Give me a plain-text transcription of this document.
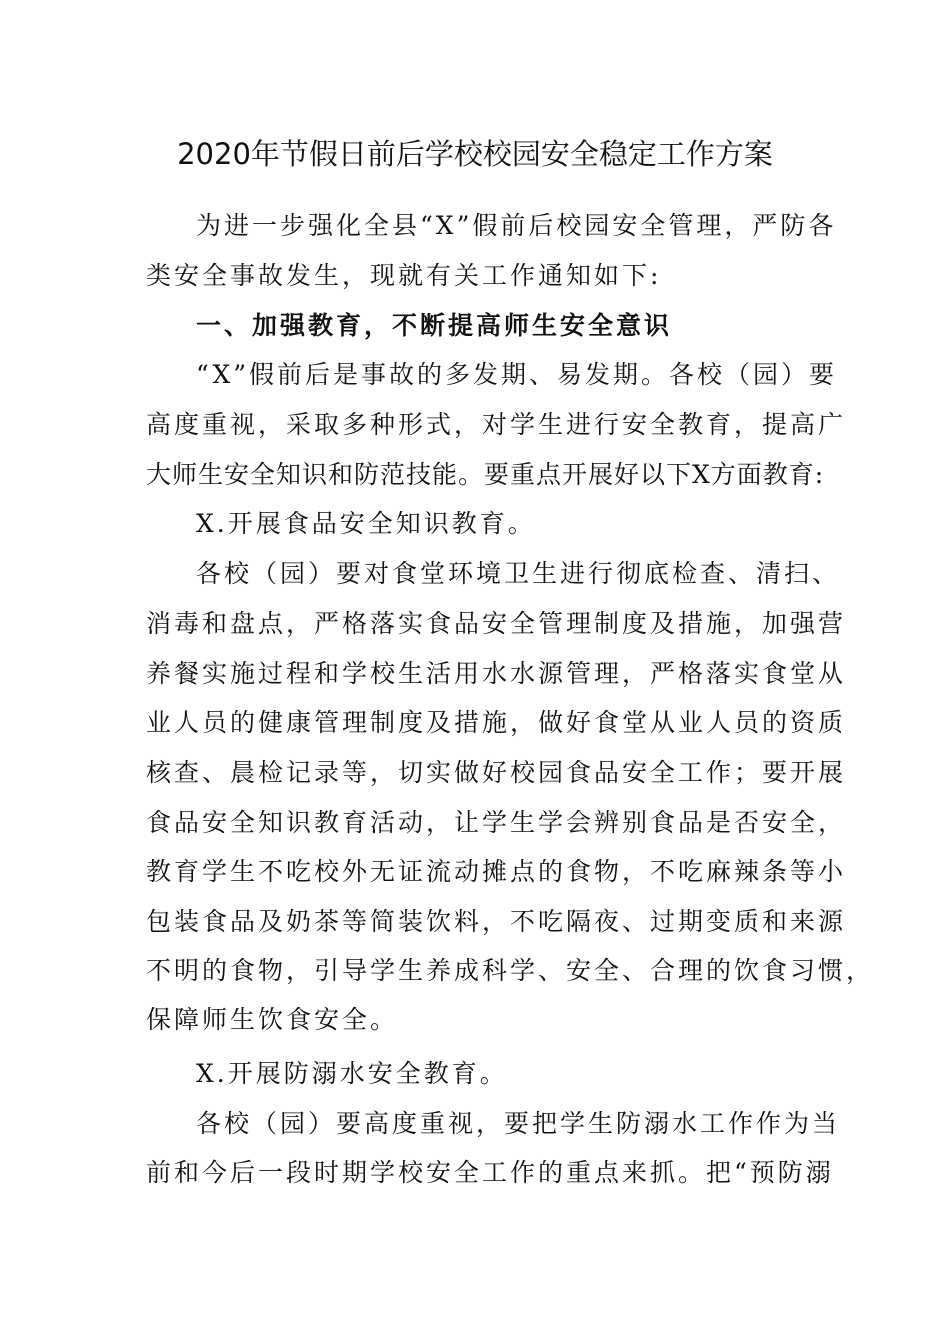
2020年节假日前后学校校园安全稳定工作方案
为进一步强化全县“X”假前后校园安全管理，严防各
类安全事故发生，现就有关工作通知如下:
一、加强教育，不断提高师生安全意识
“X”假前后是事故的多发期、易发期。各校（园）要
高度重视，采取多种形式，对学生进行安全教育，提高广
大师生安全知识和防范技能。要重点开展好以下X方面教育:
X.开展食品安全知识教育。
各校（园）要对食堂环境卫生进行彻底检查、清扫、
消毒和盘点，严格落实食品安全管理制度及措施，加强营
养餐实施过程和学校生活用水水源管理，严格落实食堂从
业人员的健康管理制度及措施，做好食堂从业人员的资质
核查、晨检记录等，切实做好校园食品安全工作；要开展
食品安全知识教育活动，让学生学会辨别食品是否安全，
教育学生不吃校外无证流动摊点的食物，不吃麻辣条等小
包装食品及奶茶等简装饮料，不吃隔夜、过期变质和来源
不明的食物，引导学生养成科学、安全、合理的饮食习惯，
保障师生饮食安全。
X.开展防溺水安全教育。
各校（园）要高度重视，要把学生防溺水工作作为当
前和今后一段时期学校安全工作的重点来抓。把“预防溺
